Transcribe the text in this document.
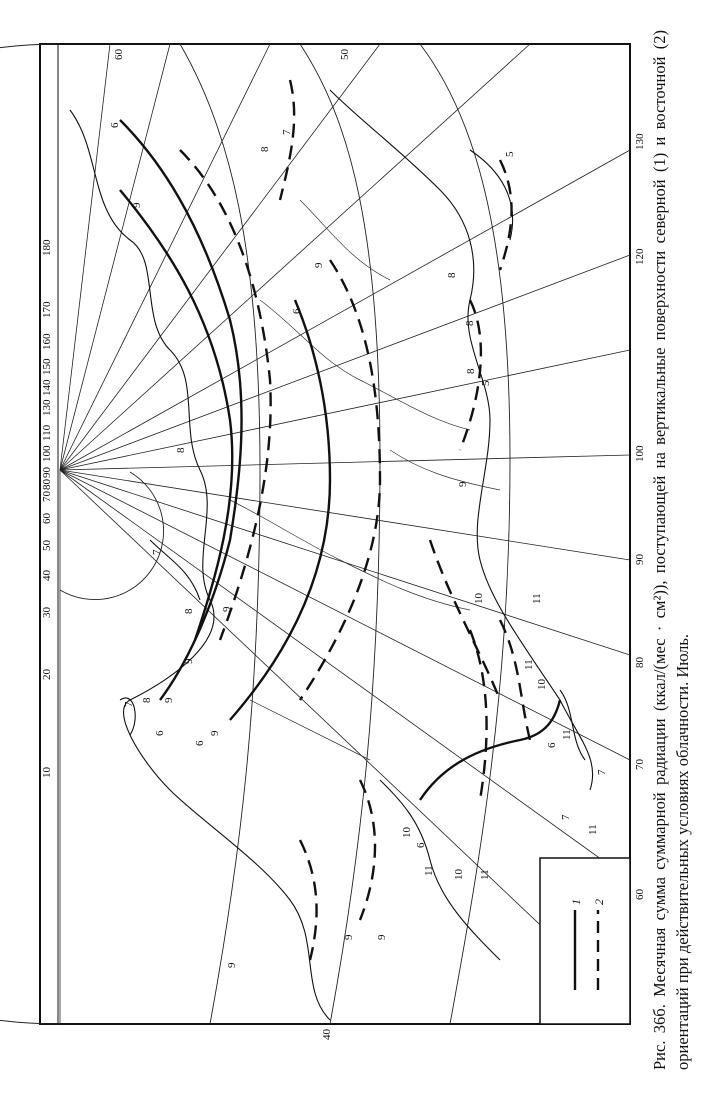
10
20
30
40
50
60
70
80
90
100
110
130
140
150
160
170
180
60
70
80
90
100
120
130
40
50
60
6
7
8
9
6
9
8
8
5
8
5
9
8
8 9
9
7
8
7
9
6	9
6
10	11
11
10
11
6
7
7
11
10
6
11 10 11
9 9
9
1 2
Рис. 36б. Месячная сумма суммарной радиации (ккал/(мес · см²)), поступающей на вертикальные поверхности северной (1) и восточной (2) ориентаций при действительных условиях облачности. Июль.
